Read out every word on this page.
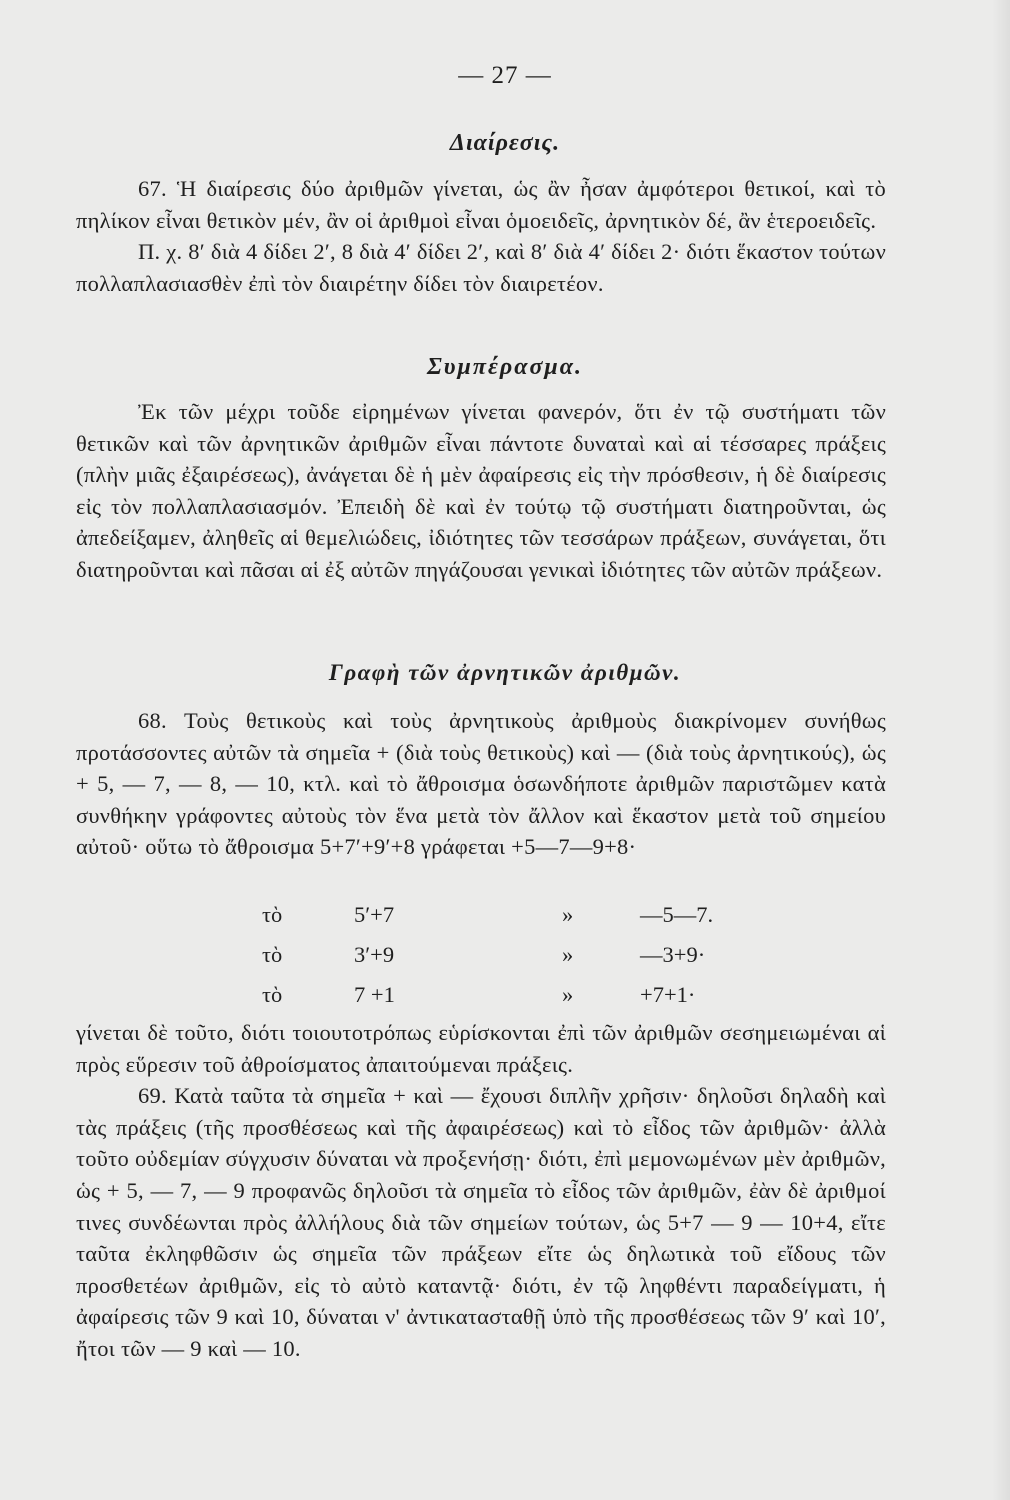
— 27 —
Διαίρεσις.

67. Ἡ διαίρεσις δύο ἀριθμῶν γίνεται, ὡς ἂν ἦσαν ἀμφότεροι θετικοί, καὶ τὸ πηλίκον εἶναι θετικὸν μέν, ἂν οἱ ἀριθμοὶ εἶναι ὁμοειδεῖς, ἀρνητικὸν δέ, ἂν ἑτεροειδεῖς.

Π. χ. 8′ διὰ 4 δίδει 2′, 8 διὰ 4′ δίδει 2′, καὶ 8′ διὰ 4′ δίδει 2· διότι ἕκαστον τούτων πολλαπλασιασθὲν ἐπὶ τὸν διαιρέτην δίδει τὸν διαιρετέον.

Συμπέρασμα.

Ἐκ τῶν μέχρι τοῦδε εἰρημένων γίνεται φανερόν, ὅτι ἐν τῷ συστήματι τῶν θετικῶν καὶ τῶν ἀρνητικῶν ἀριθμῶν εἶναι πάντοτε δυναταὶ καὶ αἱ τέσσαρες πράξεις (πλὴν μιᾶς ἐξαιρέσεως), ἀνάγεται δὲ ἡ μὲν ἀφαίρεσις εἰς τὴν πρόσθεσιν, ἡ δὲ διαίρεσις εἰς τὸν πολλαπλασιασμόν. Ἐπειδὴ δὲ καὶ ἐν τούτῳ τῷ συστήματι διατηροῦνται, ὡς ἀπεδείξαμεν, ἀληθεῖς αἱ θεμελιώδεις, ἰδιότητες τῶν τεσσάρων πράξεων, συνάγεται, ὅτι διατηροῦνται καὶ πᾶσαι αἱ ἐξ αὐτῶν πηγάζουσαι γενικαὶ ἰδιότητες τῶν αὐτῶν πράξεων.

Γραφὴ τῶν ἀρνητικῶν ἀριθμῶν.

68. Τοὺς θετικοὺς καὶ τοὺς ἀρνητικοὺς ἀριθμοὺς διακρίνομεν συνήθως προτάσσοντες αὐτῶν τὰ σημεῖα + (διὰ τοὺς θετικοὺς) καὶ — (διὰ τοὺς ἀρνητικούς), ὡς + 5, — 7, — 8, — 10, κτλ. καὶ τὸ ἄθροισμα ὁσωνδήποτε ἀριθμῶν παριστῶμεν κατὰ συνθήκην γράφοντες αὐτοὺς τὸν ἕνα μετὰ τὸν ἄλλον καὶ ἕκαστον μετὰ τοῦ σημείου αὐτοῦ· οὕτω τὸ ἄθροισμα 5+7′+9′+8 γράφεται +5—7—9+8·

τὸ	5′+7	»	—5—7.
τὸ	3′+9	»	—3+9·
τὸ	7 +1	»	+7+1·

γίνεται δὲ τοῦτο, διότι τοιουτοτρόπως εὑρίσκονται ἐπὶ τῶν ἀριθμῶν σεσημειωμέναι αἱ πρὸς εὕρεσιν τοῦ ἀθροίσματος ἀπαιτούμεναι πράξεις.

69. Κατὰ ταῦτα τὰ σημεῖα + καὶ — ἔχουσι διπλῆν χρῆσιν· δηλοῦσι δηλαδὴ καὶ τὰς πράξεις (τῆς προσθέσεως καὶ τῆς ἀφαιρέσεως) καὶ τὸ εἶδος τῶν ἀριθμῶν· ἀλλὰ τοῦτο οὐδεμίαν σύγχυσιν δύναται νὰ προξενήσῃ· διότι, ἐπὶ μεμονωμένων μὲν ἀριθμῶν, ὡς + 5, — 7, — 9 προφανῶς δηλοῦσι τὰ σημεῖα τὸ εἶδος τῶν ἀριθμῶν, ἐὰν δὲ ἀριθμοί τινες συνδέωνται πρὸς ἀλλήλους διὰ τῶν σημείων τούτων, ὡς 5+7 — 9 — 10+4, εἴτε ταῦτα ἐκληφθῶσιν ὡς σημεῖα τῶν πράξεων εἴτε ὡς δηλωτικὰ τοῦ εἴδους τῶν προσθετέων ἀριθμῶν, εἰς τὸ αὐτὸ καταντᾷ· διότι, ἐν τῷ ληφθέντι παραδείγματι, ἡ ἀφαίρεσις τῶν 9 καὶ 10, δύναται ν' ἀντικατασταθῇ ὑπὸ τῆς προσθέσεως τῶν 9′ καὶ 10′, ἤτοι τῶν — 9 καὶ — 10.
